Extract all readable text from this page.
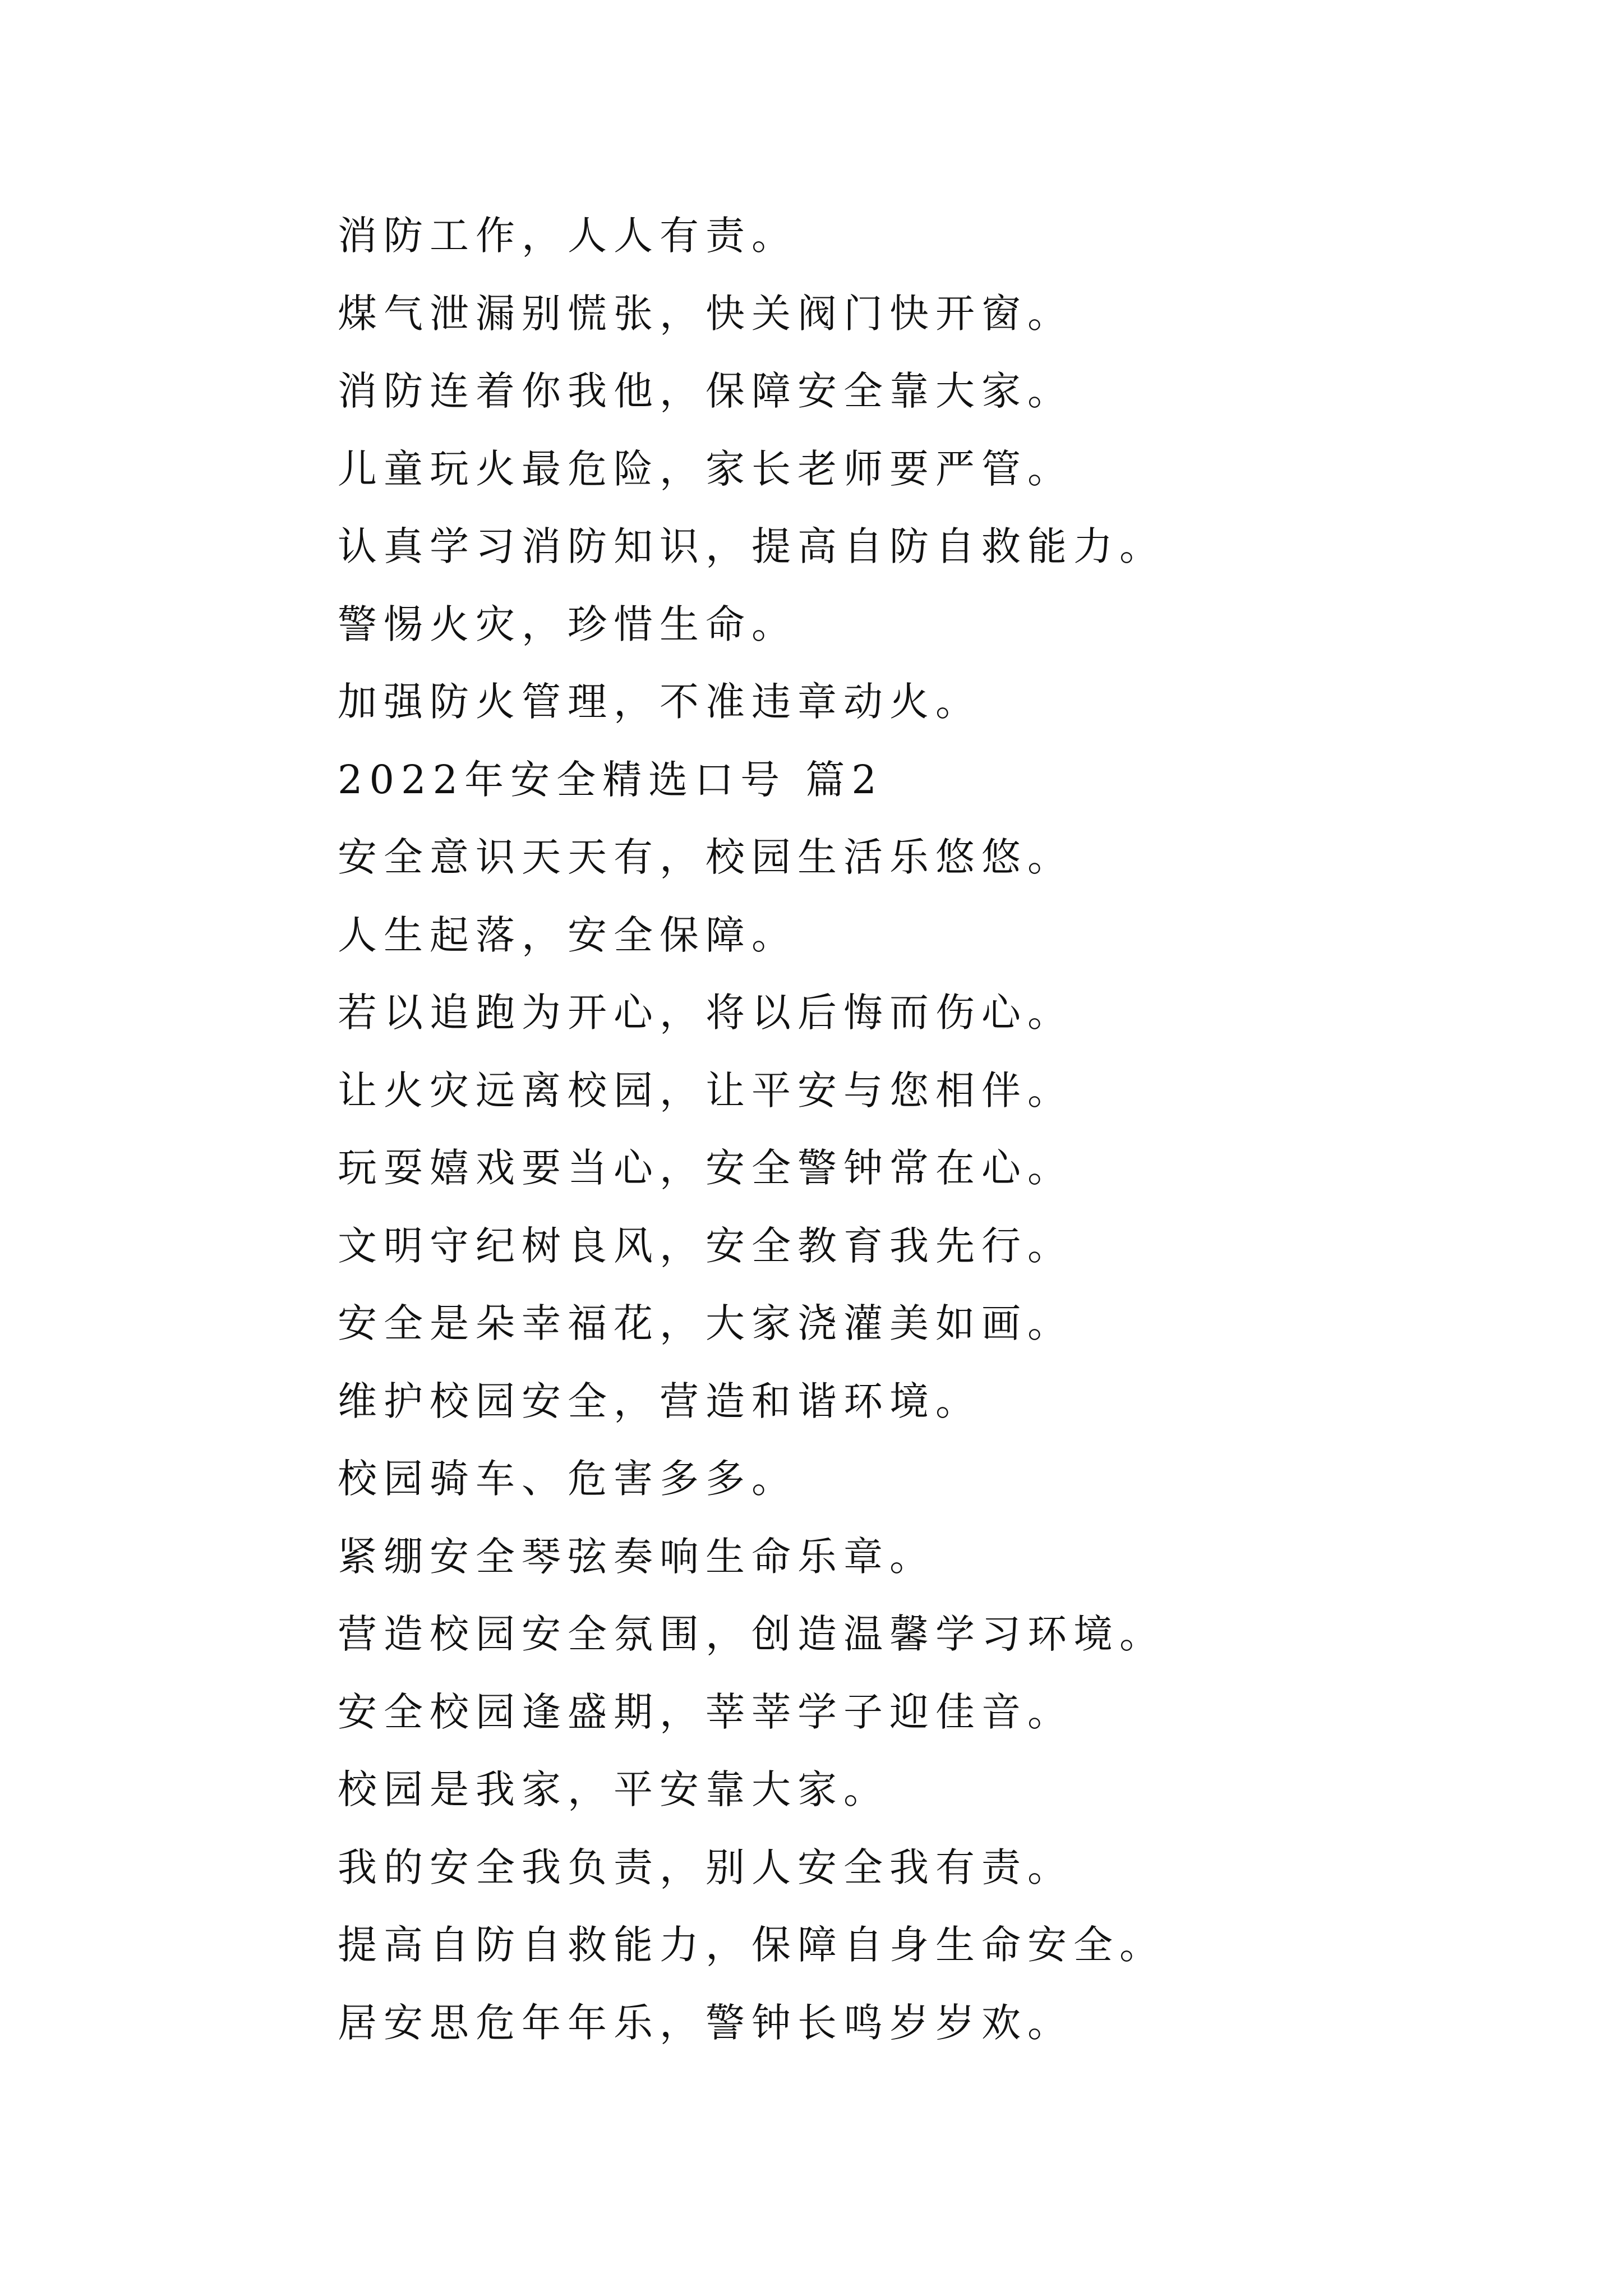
消防工作，人人有责。
煤气泄漏别慌张，快关阀门快开窗。
消防连着你我他，保障安全靠大家。
儿童玩火最危险，家长老师要严管。
认真学习消防知识，提高自防自救能力。
警惕火灾，珍惜生命。
加强防火管理，不准违章动火。
2022年安全精选口号 篇2
安全意识天天有，校园生活乐悠悠。
人生起落，安全保障。
若以追跑为开心，将以后悔而伤心。
让火灾远离校园，让平安与您相伴。
玩耍嬉戏要当心，安全警钟常在心。
文明守纪树良风，安全教育我先行。
安全是朵幸福花，大家浇灌美如画。
维护校园安全，营造和谐环境。
校园骑车、危害多多。
紧绷安全琴弦奏响生命乐章。
营造校园安全氛围，创造温馨学习环境。
安全校园逢盛期，莘莘学子迎佳音。
校园是我家，平安靠大家。
我的安全我负责，别人安全我有责。
提高自防自救能力，保障自身生命安全。
居安思危年年乐，警钟长鸣岁岁欢。
